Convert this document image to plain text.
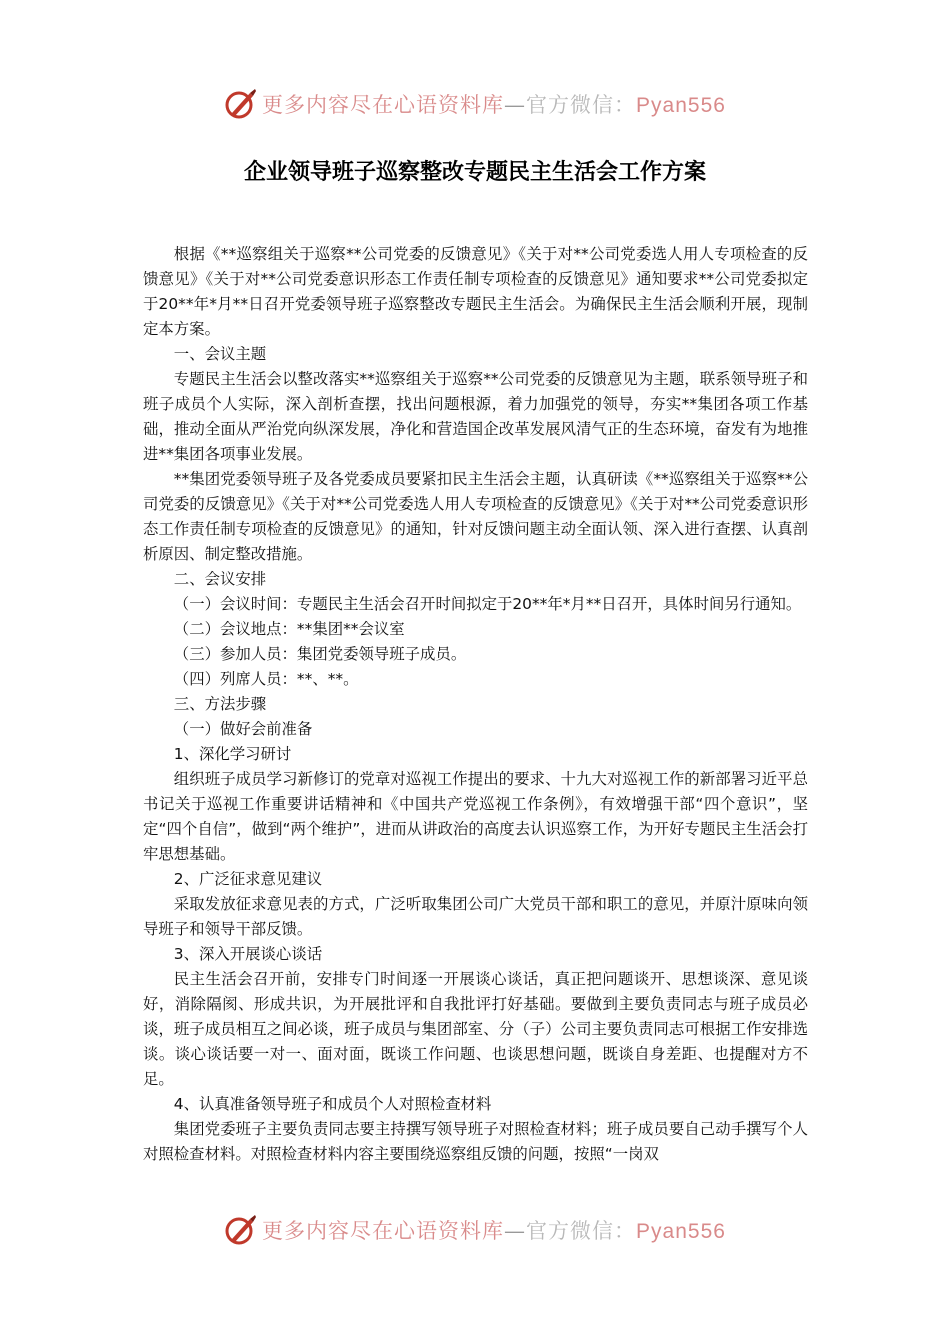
更多内容尽在心语资料库—官方微信：Pyan556
企业领导班子巡察整改专题民主生活会工作方案

根据《**巡察组关于巡察**公司党委的反馈意见》《关于对**公司党委选人用人专项检查的反馈意见》《关于对**公司党委意识形态工作责任制专项检查的反馈意见》通知要求**公司党委拟定于20**年*月**日召开党委领导班子巡察整改专题民主生活会。为确保民主生活会顺利开展，现制定本方案。

一、会议主题

专题民主生活会以整改落实**巡察组关于巡察**公司党委的反馈意见为主题，联系领导班子和班子成员个人实际，深入剖析查摆，找出问题根源，着力加强党的领导，夯实**集团各项工作基础，推动全面从严治党向纵深发展，净化和营造国企改革发展风清气正的生态环境，奋发有为地推进**集团各项事业发展。

**集团党委领导班子及各党委成员要紧扣民主生活会主题，认真研读《**巡察组关于巡察**公司党委的反馈意见》《关于对**公司党委选人用人专项检查的反馈意见》《关于对**公司党委意识形态工作责任制专项检查的反馈意见》的通知，针对反馈问题主动全面认领、深入进行查摆、认真剖析原因、制定整改措施。

二、会议安排

（一）会议时间：专题民主生活会召开时间拟定于20**年*月**日召开，具体时间另行通知。

（二）会议地点：**集团**会议室

（三）参加人员：集团党委领导班子成员。

（四）列席人员：**、**。

三、方法步骤

（一）做好会前准备

1、深化学习研讨

组织班子成员学习新修订的党章对巡视工作提出的要求、十九大对巡视工作的新部署习近平总书记关于巡视工作重要讲话精神和《中国共产党巡视工作条例》，有效增强干部“四个意识”，坚定“四个自信”，做到“两个维护”，进而从讲政治的高度去认识巡察工作，为开好专题民主生活会打牢思想基础。

2、广泛征求意见建议

采取发放征求意见表的方式，广泛听取集团公司广大党员干部和职工的意见，并原汁原味向领导班子和领导干部反馈。

3、深入开展谈心谈话

民主生活会召开前，安排专门时间逐一开展谈心谈话，真正把问题谈开、思想谈深、意见谈好，消除隔阂、形成共识，为开展批评和自我批评打好基础。要做到主要负责同志与班子成员必谈，班子成员相互之间必谈，班子成员与集团部室、分（子）公司主要负责同志可根据工作安排选谈。谈心谈话要一对一、面对面，既谈工作问题、也谈思想问题，既谈自身差距、也提醒对方不足。

4、认真准备领导班子和成员个人对照检查材料

集团党委班子主要负责同志要主持撰写领导班子对照检查材料；班子成员要自己动手撰写个人对照检查材料。对照检查材料内容主要围绕巡察组反馈的问题，按照“一岗双

更多内容尽在心语资料库—官方微信：Pyan556
